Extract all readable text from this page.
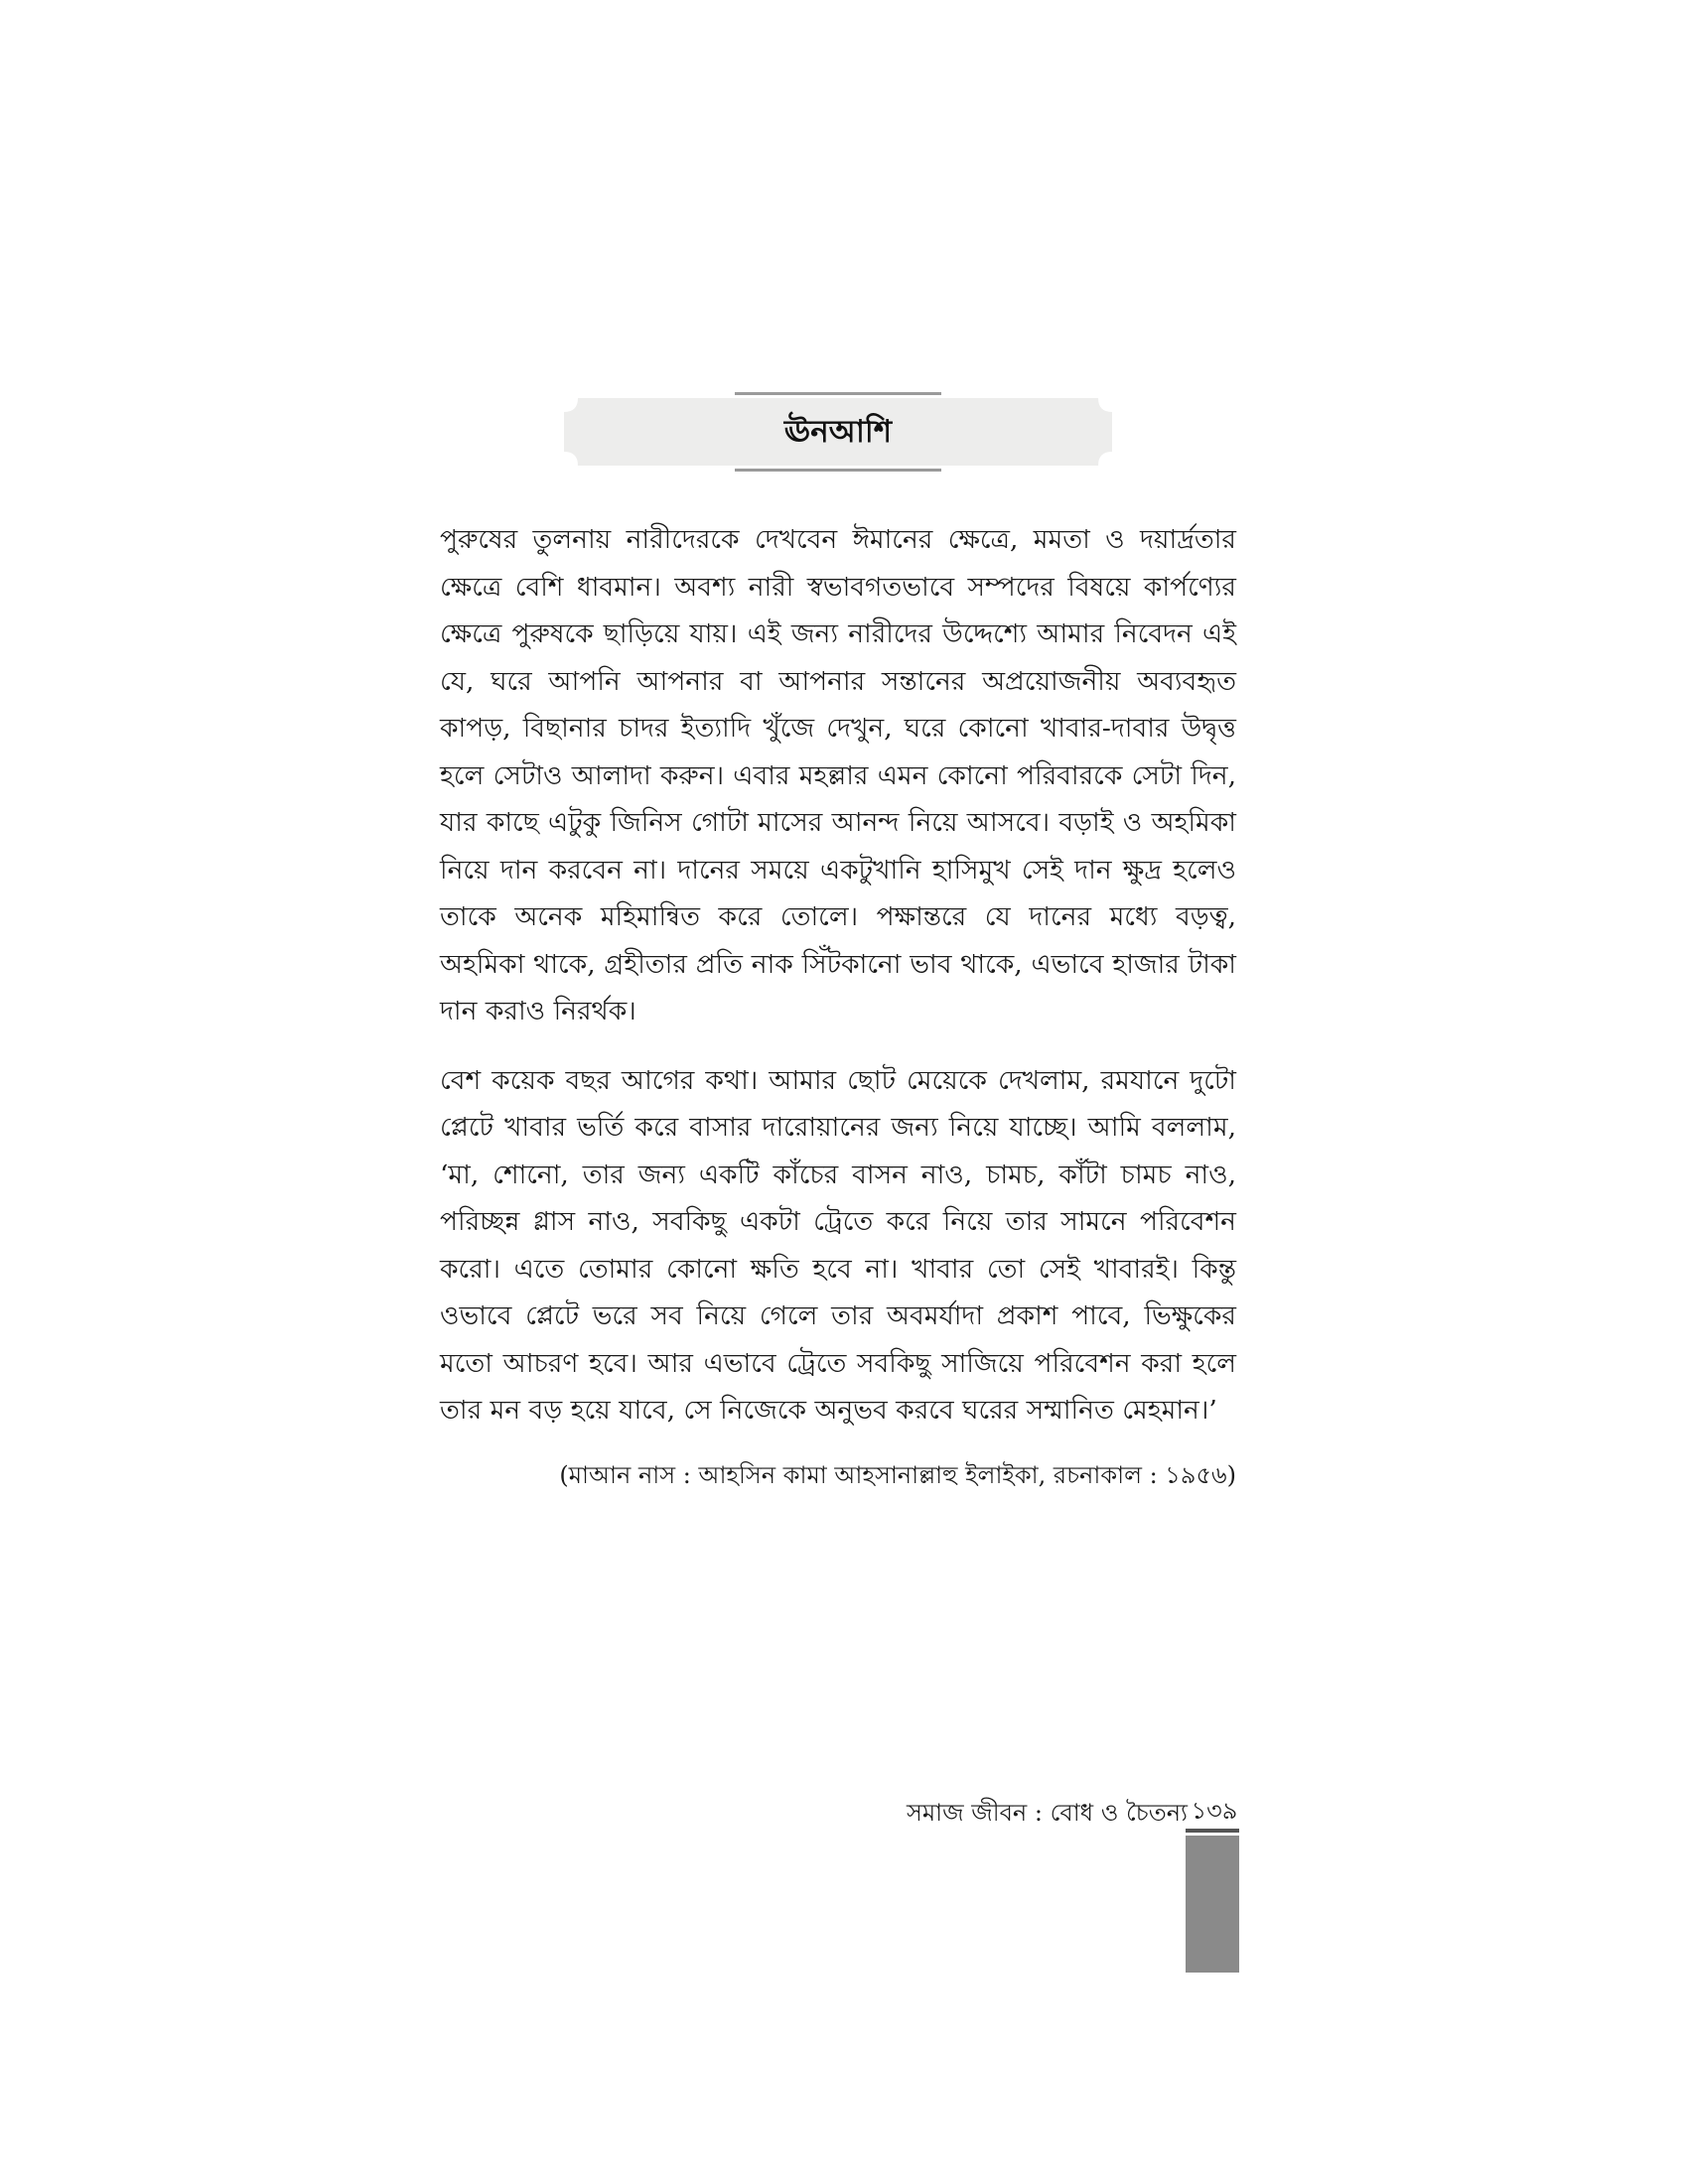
ঊনআশি

পুরুষের তুলনায় নারীদেরকে দেখবেন ঈমানের ক্ষেত্রে, মমতা ও দয়ার্দ্রতার ক্ষেত্রে বেশি ধাবমান। অবশ্য নারী স্বভাবগতভাবে সম্পদের বিষয়ে কার্পণ্যের ক্ষেত্রে পুরুষকে ছাড়িয়ে যায়। এই জন্য নারীদের উদ্দেশ্যে আমার নিবেদন এই যে, ঘরে আপনি আপনার বা আপনার সন্তানের অপ্রয়োজনীয় অব্যবহৃত কাপড়, বিছানার চাদর ইত্যাদি খুঁজে দেখুন, ঘরে কোনো খাবার-দাবার উদ্বৃত্ত হলে সেটাও আলাদা করুন। এবার মহল্লার এমন কোনো পরিবারকে সেটা দিন, যার কাছে এটুকু জিনিস গোটা মাসের আনন্দ নিয়ে আসবে। বড়াই ও অহমিকা নিয়ে দান করবেন না। দানের সময়ে একটুখানি হাসিমুখ সেই দান ক্ষুদ্র হলেও তাকে অনেক মহিমান্বিত করে তোলে। পক্ষান্তরে যে দানের মধ্যে বড়ত্ব, অহমিকা থাকে, গ্রহীতার প্রতি নাক সিঁটকানো ভাব থাকে, এভাবে হাজার টাকা দান করাও নিরর্থক।

বেশ কয়েক বছর আগের কথা। আমার ছোট মেয়েকে দেখলাম, রমযানে দুটো প্লেটে খাবার ভর্তি করে বাসার দারোয়ানের জন্য নিয়ে যাচ্ছে। আমি বললাম, ‘মা, শোনো, তার জন্য একটি কাঁচের বাসন নাও, চামচ, কাঁটা চামচ নাও, পরিচ্ছন্ন গ্লাস নাও, সবকিছু একটা ট্রেতে করে নিয়ে তার সামনে পরিবেশন করো। এতে তোমার কোনো ক্ষতি হবে না। খাবার তো সেই খাবারই। কিন্তু ওভাবে প্লেটে ভরে সব নিয়ে গেলে তার অবমর্যাদা প্রকাশ পাবে, ভিক্ষুকের মতো আচরণ হবে। আর এভাবে ট্রেতে সবকিছু সাজিয়ে পরিবেশন করা হলে তার মন বড় হয়ে যাবে, সে নিজেকে অনুভব করবে ঘরের সম্মানিত মেহমান।’

(মাআন নাস : আহসিন কামা আহসানাল্লাহু ইলাইকা, রচনাকাল : ১৯৫৬)
সমাজ জীবন : বোধ ও চৈতন্য ১৩৯
